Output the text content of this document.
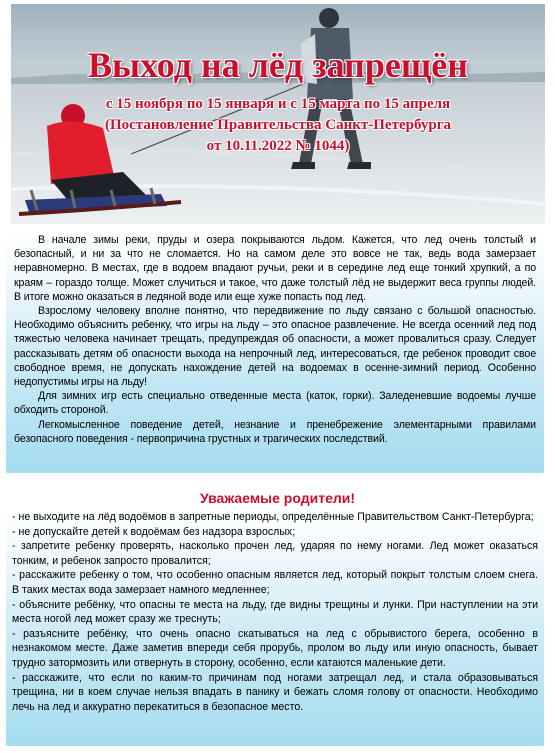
Выход на лёд запрещён
с 15 ноября по 15 января и с 15 марта по 15 апреля
(Постановление Правительства Санкт-Петербурга
от 10.11.2022 № 1044)

В начале зимы реки, пруды и озера покрываются льдом. Кажется, что лед очень толстый и безопасный, и ни за что не сломается. Но на самом деле это вовсе не так, ведь вода замерзает неравномерно. В местах, где в водоем впадают ручьи, реки и в середине лед еще тонкий хрупкий, а по краям – гораздо толще. Может случиться и такое, что даже толстый лёд не выдержит веса группы людей. В итоге можно оказаться в ледяной воде или еще хуже попасть под лед.

Взрослому человеку вполне понятно, что передвижение по льду связано с большой опасностью. Необходимо объяснить ребенку, что игры на льду – это опасное развлечение. Не всегда осенний лед под тяжестью человека начинает трещать, предупреждая об опасности, а может провалиться сразу. Следует рассказывать детям об опасности выхода на непрочный лед, интересоваться, где ребенок проводит свое свободное время, не допускать нахождение детей на водоемах в осенне-зимний период. Особенно недопустимы игры на льду!

Для зимних игр есть специально отведенные места (каток, горки). Заледеневшие водоемы лучше обходить стороной.

Легкомысленное поведение детей, незнание и пренебрежение элементарными правилами безопасного поведения - первопричина грустных и трагических последствий.

Уважаемые родители!

- не выходите на лёд водоёмов в запретные периоды, определённые Правительством Санкт-Петербурга;

- не допускайте детей к водоёмам без надзора взрослых;

- запретите ребенку проверять, насколько прочен лед, ударяя по нему ногами. Лед может оказаться тонким, и ребенок запросто провалится;

- расскажите ребенку о том, что особенно опасным является лед, который покрыт толстым слоем снега. В таких местах вода замерзает намного медленнее;

- объясните ребёнку, что опасны те места на льду, где видны трещины и лунки. При наступлении на эти места ногой лед может сразу же треснуть;

- разъясните ребёнку, что очень опасно скатываться на лед с обрывистого берега, особенно в незнакомом месте. Даже заметив впереди себя прорубь, пролом во льду или иную опасность, бывает трудно затормозить или отвернуть в сторону, особенно, если катаются маленькие дети.

- расскажите, что если по каким-то причинам под ногами затрещал лед, и стала образовываться трещина, ни в коем случае нельзя впадать в панику и бежать сломя голову от опасности. Необходимо лечь на лед и аккуратно перекатиться в безопасное место.
